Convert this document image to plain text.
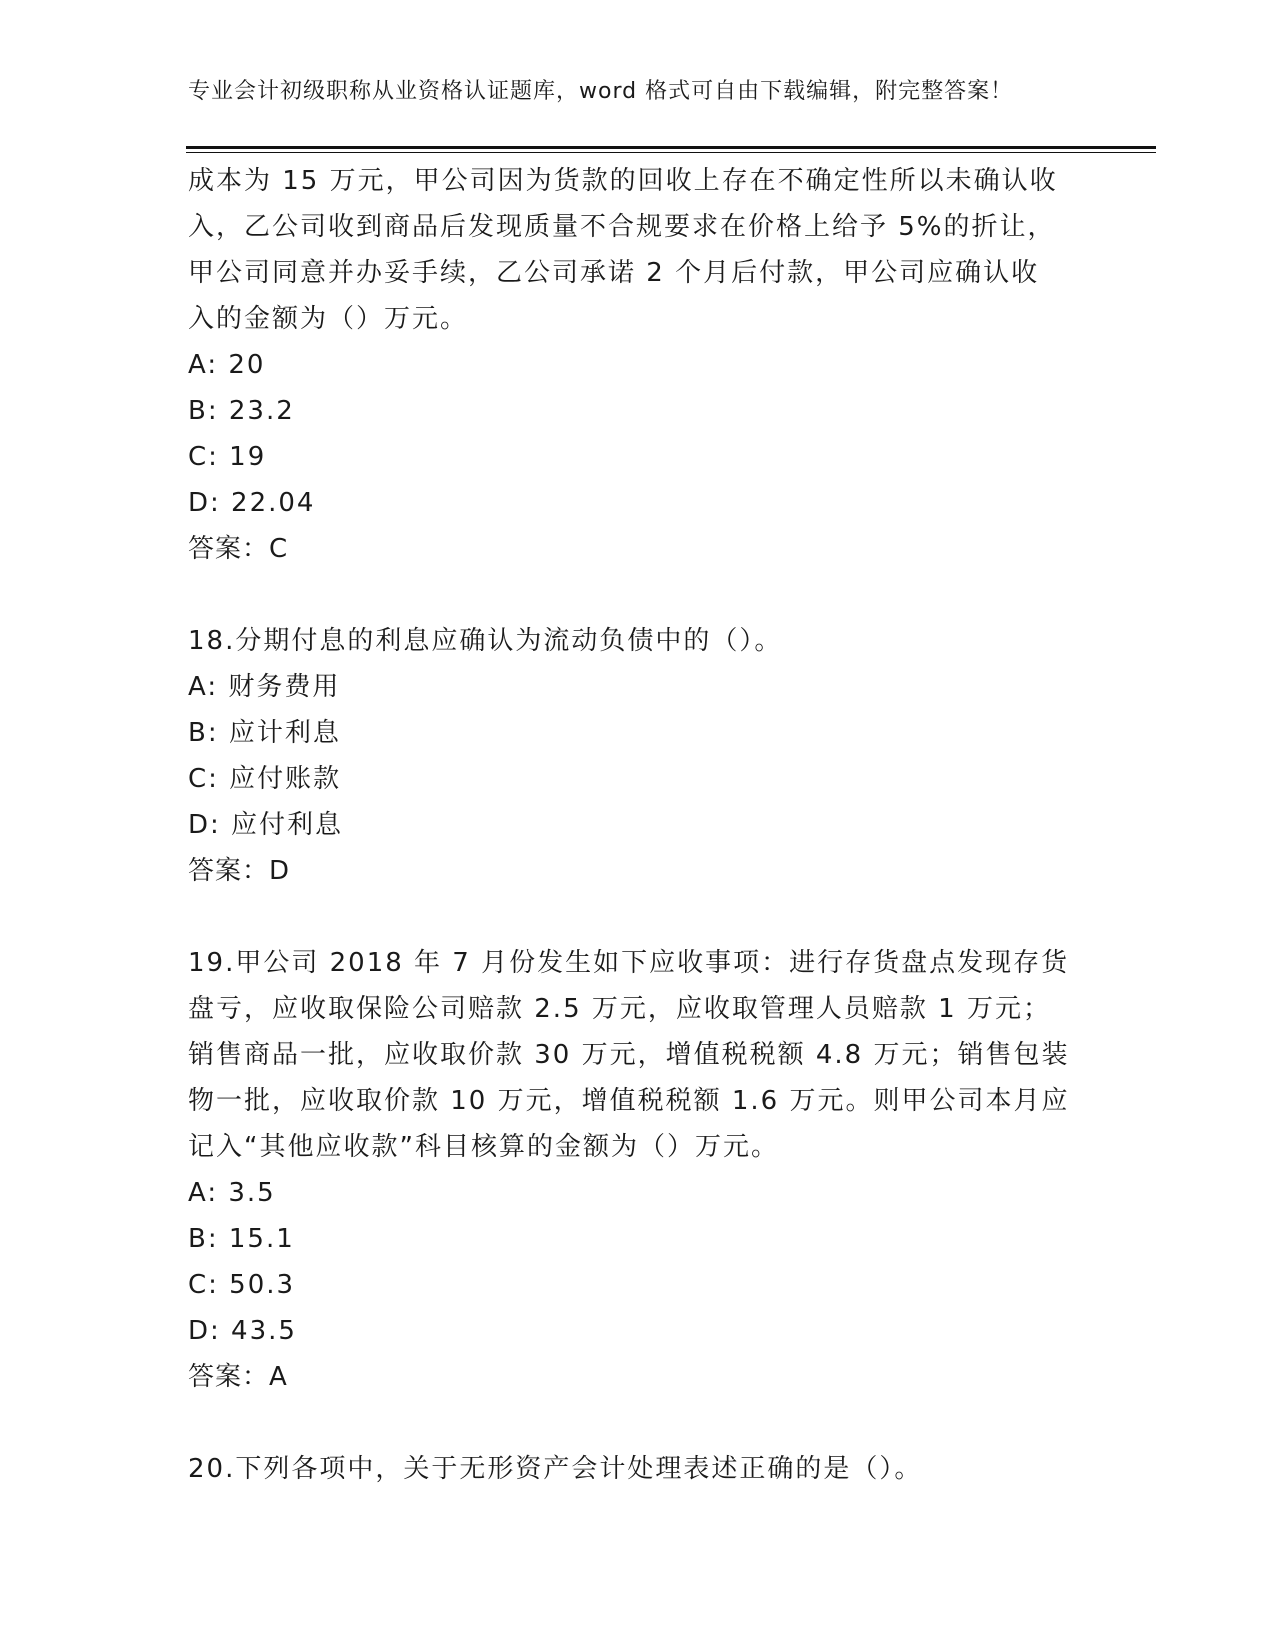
专业会计初级职称从业资格认证题库，word 格式可自由下载编辑，附完整答案！
成本为 15 万元，甲公司因为货款的回收上存在不确定性所以未确认收
入，乙公司收到商品后发现质量不合规要求在价格上给予 5%的折让，
甲公司同意并办妥手续，乙公司承诺 2 个月后付款，甲公司应确认收
入的金额为（）万元。
A: 20
B: 23.2
C: 19
D: 22.04
答案：C
18.分期付息的利息应确认为流动负债中的（）。
A: 财务费用
B: 应计利息
C: 应付账款
D: 应付利息
答案：D
19.甲公司 2018 年 7 月份发生如下应收事项：进行存货盘点发现存货
盘亏，应收取保险公司赔款 2.5 万元，应收取管理人员赔款 1 万元；
销售商品一批，应收取价款 30 万元，增值税税额 4.8 万元；销售包装
物一批，应收取价款 10 万元，增值税税额 1.6 万元。则甲公司本月应
记入“其他应收款”科目核算的金额为（）万元。
A: 3.5
B: 15.1
C: 50.3
D: 43.5
答案：A
20.下列各项中，关于无形资产会计处理表述正确的是（）。
